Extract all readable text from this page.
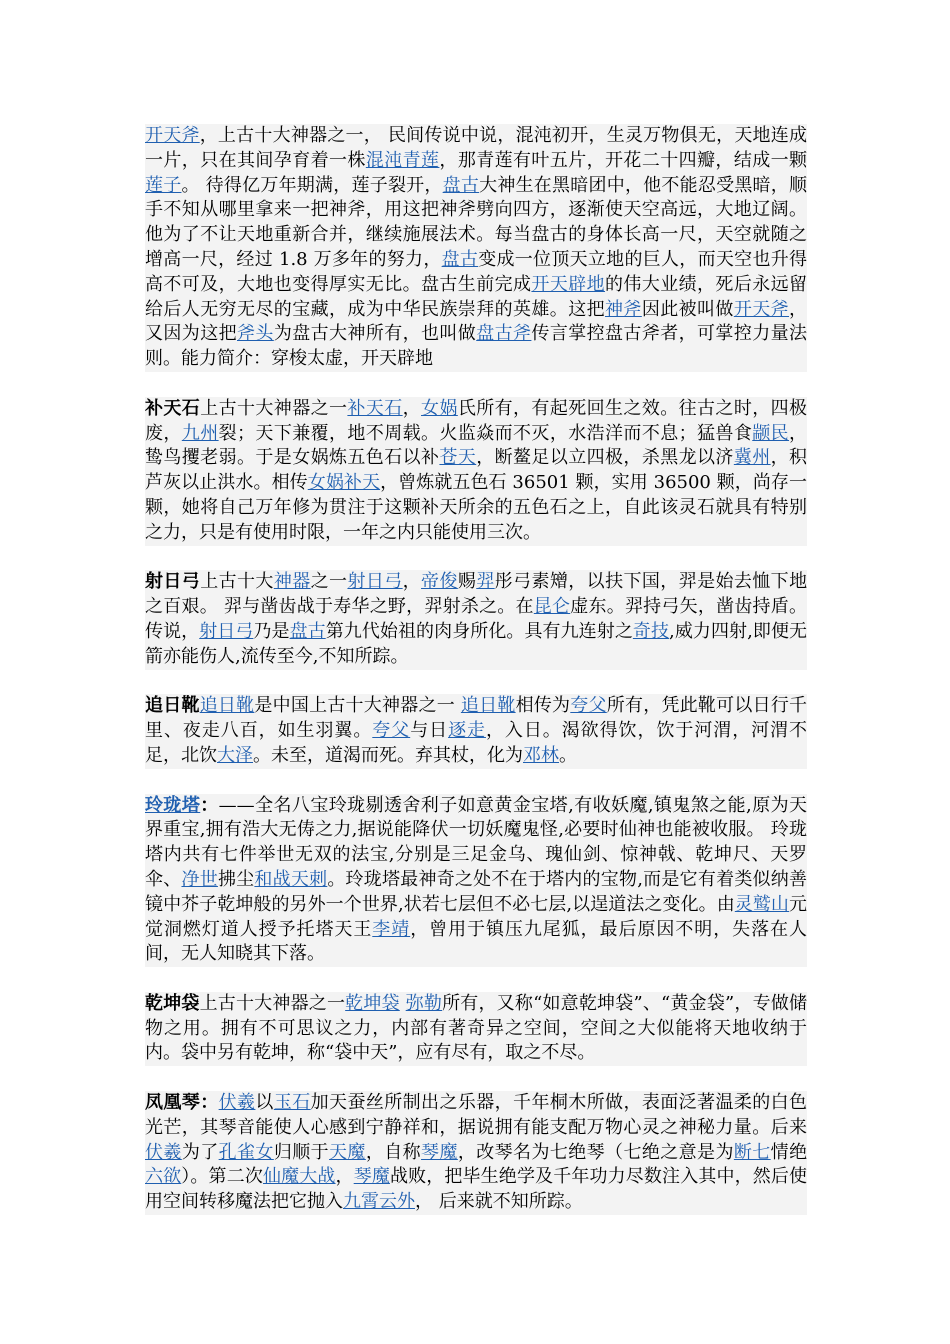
开天斧，上古十大神器之一， 民间传说中说，混沌初开，生灵万物俱无，天地连成一片，只在其间孕育着一株混沌青莲，那青莲有叶五片，开花二十四瓣，结成一颗莲子。 待得亿万年期满，莲子裂开，盘古大神生在黑暗团中，他不能忍受黑暗，顺手不知从哪里拿来一把神斧，用这把神斧劈向四方，逐渐使天空高远，大地辽阔。他为了不让天地重新合并，继续施展法术。每当盘古的身体长高一尺，天空就随之增高一尺，经过 1.8 万多年的努力，盘古变成一位顶天立地的巨人，而天空也升得高不可及，大地也变得厚实无比。盘古生前完成开天辟地的伟大业绩，死后永远留给后人无穷无尽的宝藏，成为中华民族崇拜的英雄。这把神斧因此被叫做开天斧，又因为这把斧头为盘古大神所有，也叫做盘古斧传言掌控盘古斧者，可掌控力量法则。能力简介：穿梭太虚，开天辟地

补天石上古十大神器之一补天石，女娲氏所有，有起死回生之效。往古之时，四极废，九州裂；天下兼覆，地不周载。火监焱而不灭，水浩洋而不息；猛兽食颛民，鸷鸟攫老弱。于是女娲炼五色石以补苍天，断鳌足以立四极，杀黑龙以济冀州，积芦灰以止洪水。相传女娲补天，曾炼就五色石 36501 颗，实用 36500 颗，尚存一颗，她将自己万年修为贯注于这颗补天所余的五色石之上，自此该灵石就具有特别之力，只是有使用时限，一年之内只能使用三次。

射日弓上古十大神器之一射日弓，帝俊赐羿彤弓素矰，以扶下国，羿是始去恤下地之百艰。 羿与凿齿战于寿华之野，羿射杀之。在昆仑虚东。羿持弓矢，凿齿持盾。 传说，射日弓乃是盘古第九代始祖的肉身所化。具有九连射之奇技,威力四射,即便无箭亦能伤人,流传至今,不知所踪。

追日靴追日靴是中国上古十大神器之一 追日靴相传为夸父所有，凭此靴可以日行千里、夜走八百，如生羽翼。夸父与日逐走，入日。渴欲得饮，饮于河渭，河渭不足，北饮大泽。未至，道渴而死。弃其杖，化为邓林。

玲珑塔：——全名八宝玲珑剔透舍利子如意黄金宝塔,有收妖魔,镇鬼煞之能,原为天界重宝,拥有浩大无俦之力,据说能降伏一切妖魔鬼怪,必要时仙神也能被收服。 玲珑塔内共有七件举世无双的法宝,分别是三足金乌、瑰仙剑、惊神戟、乾坤尺、天罗伞、净世拂尘和战天刺。玲珑塔最神奇之处不在于塔内的宝物,而是它有着类似纳善镜中芥子乾坤般的另外一个世界,状若七层但不必七层,以逞道法之变化。由灵鹫山元觉洞燃灯道人授予托塔天王李靖，曾用于镇压九尾狐，最后原因不明，失落在人间，无人知晓其下落。

乾坤袋上古十大神器之一乾坤袋 弥勒所有，又称“如意乾坤袋”、“黄金袋”，专做储物之用。拥有不可思议之力，内部有著奇异之空间，空间之大似能将天地收纳于内。袋中另有乾坤，称“袋中天”，应有尽有，取之不尽。

凤凰琴：伏羲以玉石加天蚕丝所制出之乐器，千年桐木所做，表面泛著温柔的白色光芒，其琴音能使人心感到宁静祥和，据说拥有能支配万物心灵之神秘力量。后来伏羲为了孔雀女归顺于天魔，自称琴魔，改琴名为七绝琴（七绝之意是为断七情绝六欲）。第二次仙魔大战，琴魔战败，把毕生绝学及千年功力尽数注入其中，然后使用空间转移魔法把它抛入九霄云外， 后来就不知所踪。
